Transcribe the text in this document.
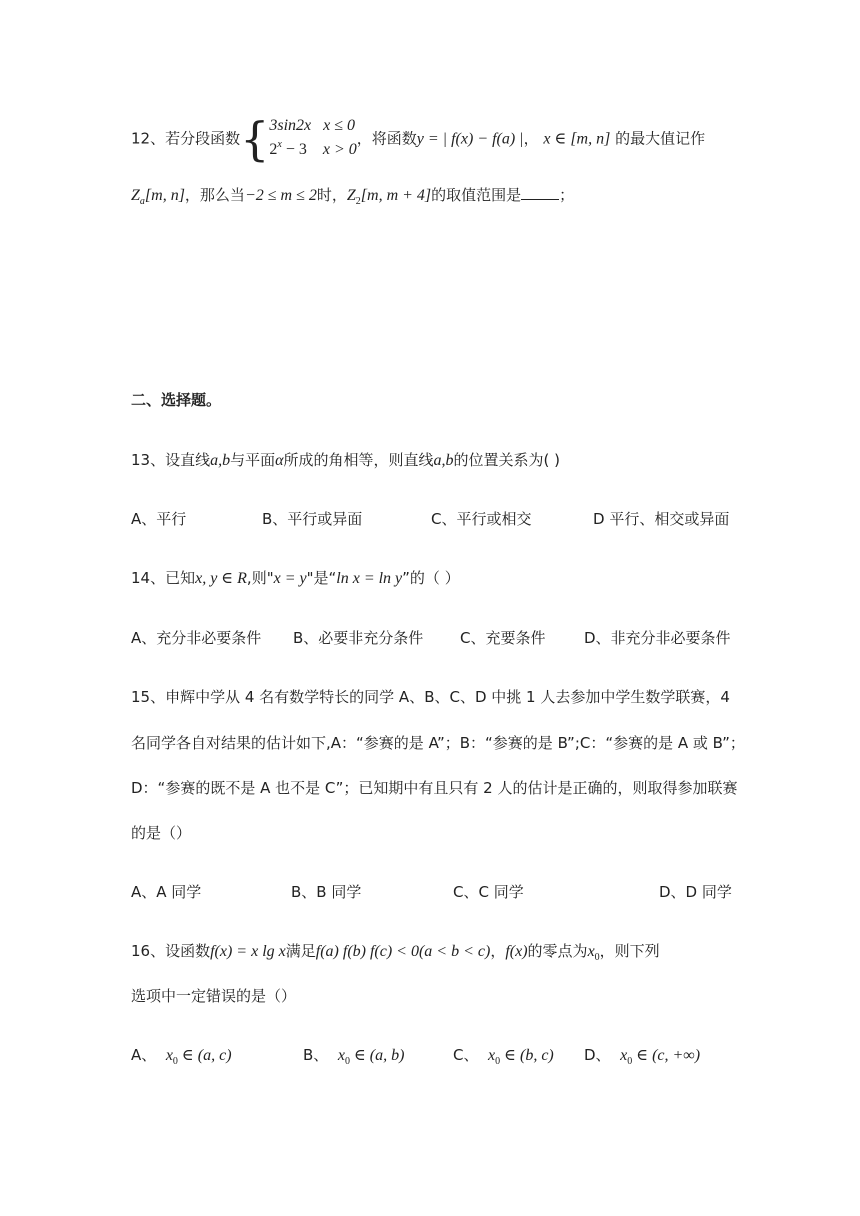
12、若分段函数{3sin2x x ≤ 0
$2^x - 3$ x > 0，将函数y = | f(x) − f(a) |， x ∈ [m, n] 的最大值记作
$Z_a[m$, n]，那么当−2 ≤ m ≤ 2时，$Z_2[m$, m + 4]的取值范围是	；
二、选择题。
13、设直线a,b与平面α所成的角相等，则直线a,b的位置关系为( )
A、平行	B、平行或异面	C、平行或相交	D 平行、相交或异面
14、已知x, y ∈ R,则"x = y"是“ln x = ln y”的（ ）
A、充分非必要条件 B、必要非充分条件 C、充要条件	D、非充分非必要条件
15、申辉中学从 4 名有数学特长的同学 A、B、C、D 中挑 1 人去参加中学生数学联赛，4
名同学各自对结果的估计如下,A：“参赛的是 A”；B：“参赛的是 B”;C：“参赛的是 A 或 B”；
D：“参赛的既不是 A 也不是 C”；已知期中有且只有 2 人的估计是正确的，则取得参加联赛
的是（）
A、A 同学	B、B 同学	C、C 同学	D、D 同学
16、设函数f(x) = x lg x满足f(a) f(b) f(c) < 0(a < b < c)，f(x)的零点为$x_0$，则下列
选项中一定错误的是（）
A、 $x_0$ ∈ (a, c)	B、 $x_0$ ∈ (a, b)	C、 $x_0$ ∈ (b, c) D、 $x_0$ ∈ (c, +∞)
